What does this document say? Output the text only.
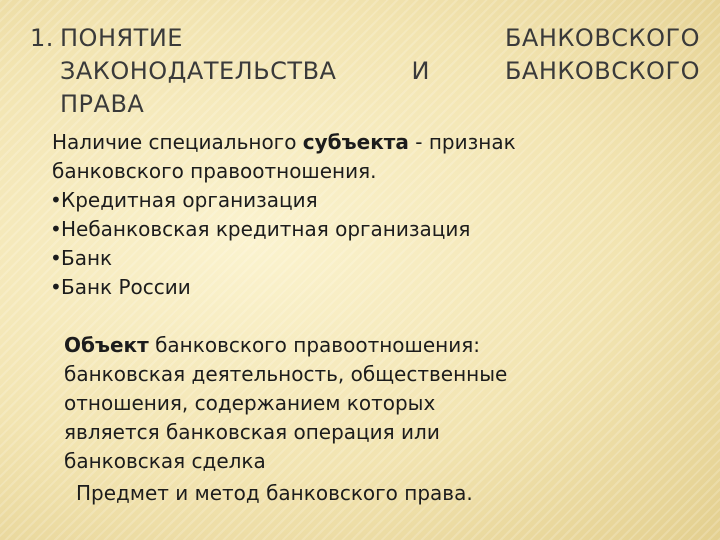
1. ПОНЯТИЕ	БАНКОВСКОГО
ЗАКОНОДАТЕЛЬСТВА	И	БАНКОВСКОГО
ПРАВА
Наличие специального субъекта - признак
банковского правоотношения.
• Кредитная организация
• Небанковская кредитная организация
• Банк
• Банк России
Объект банковского правоотношения:
банковская деятельность, общественные
отношения, содержанием которых
является банковская операция или
банковская сделка
Предмет и метод банковского права.
